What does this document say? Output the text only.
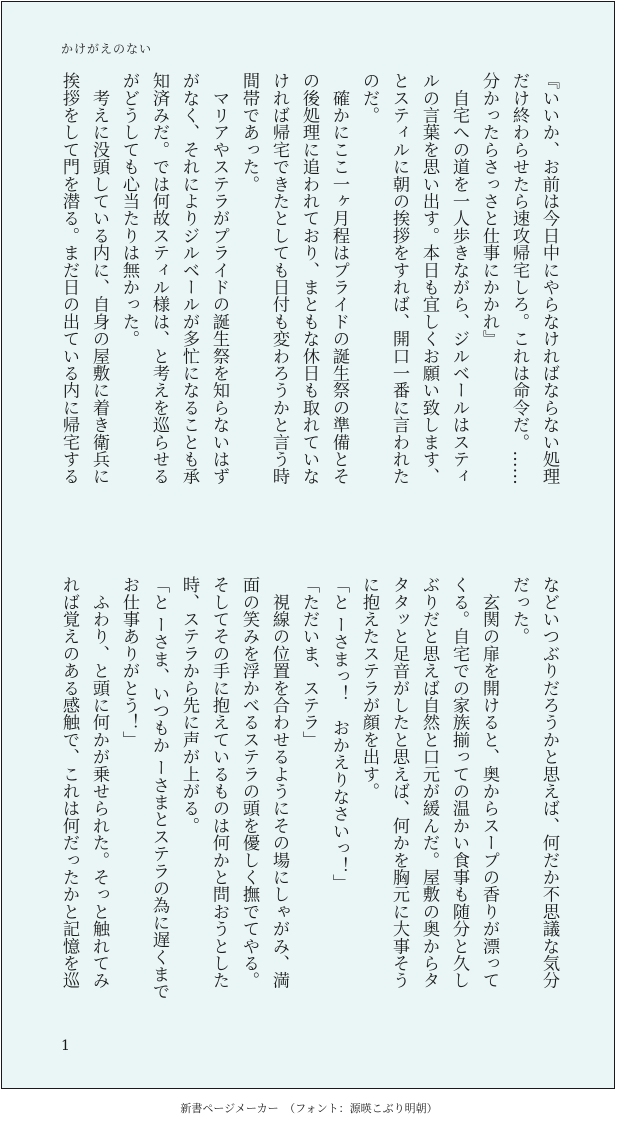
かけがえのない
『いいか、お前は今日中にやらなければならない処理
だけ終わらせたら速攻帰宅しろ。これは命令だ。……
分かったらさっさと仕事にかかれ』
　自宅への道を一人歩きながら、ジルベールはスティ
ルの言葉を思い出す。本日も宜しくお願い致します、
とスティルに朝の挨拶をすれば、開口一番に言われた
のだ。
　確かにここ一ヶ月程はプライドの誕生祭の準備とそ
の後処理に追われており、まともな休日も取れていな
ければ帰宅できたとしても日付も変わろうかと言う時
間帯であった。
　マリアやステラがプライドの誕生祭を知らないはず
がなく、それによりジルベールが多忙になることも承
知済みだ。では何故スティル様は、と考えを巡らせる
がどうしても心当たりは無かった。
　考えに没頭している内に、自身の屋敷に着き衛兵に
挨拶をして門を潜る。まだ日の出ている内に帰宅する
などいつぶりだろうかと思えば、何だか不思議な気分
だった。
　玄関の扉を開けると、奥からスープの香りが漂って
くる。自宅での家族揃っての温かい食事も随分と久し
ぶりだと思えば自然と口元が緩んだ。屋敷の奥からタ
タタッと足音がしたと思えば、何かを胸元に大事そう
に抱えたステラが顔を出す。
「と ーさまっ！　おかえりなさいっ！」
「ただいま、ステラ」
　視線の位置を合わせるようにその場にしゃがみ、満
面の笑みを浮かべるステラの頭を優しく撫でてやる。
そしてその手に抱えているものは何かと問おうとした
時、ステラから先に声が上がる。
「と ーさま、いつもか ーさまとステラの為に遅くまで
お仕事ありがとう！」
　ふわり、と頭に何かが乗せられた。そっと触れてみ
れば覚えのある感触で、これは何だったかと記憶を巡
1
新書ページメーカー　（フォント：源暎こぶり明朝）
